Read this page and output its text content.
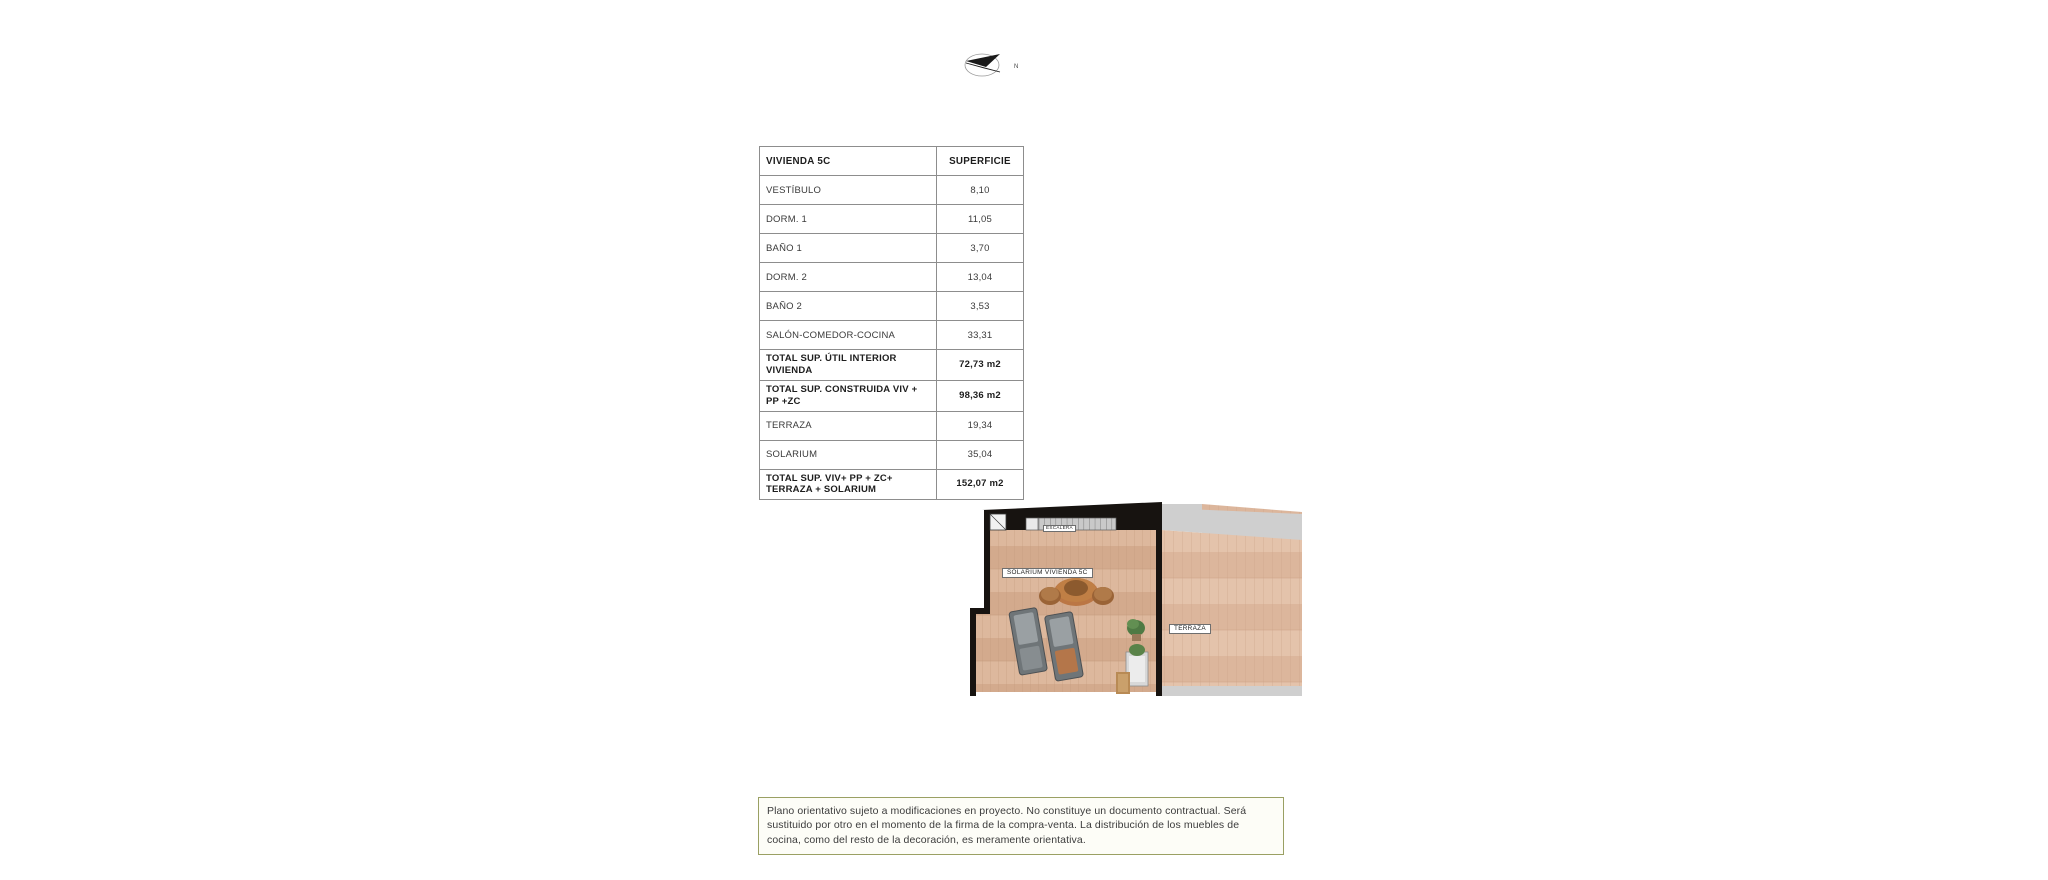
N
VIVIENDA 5C	SUPERFICIE
VESTÍBULO	8,10
DORM. 1	11,05
BAÑO 1	3,70
DORM. 2	13,04
BAÑO 2	3,53
SALÓN-COMEDOR-COCINA	33,31
TOTAL SUP. ÚTIL INTERIOR VIVIENDA	72,73 m2
TOTAL SUP. CONSTRUIDA VIV + PP +ZC	98,36 m2
TERRAZA	19,34
SOLARIUM	35,04
TOTAL SUP. VIV+ PP + ZC+ TERRAZA + SOLARIUM	152,07 m2
SOLARIUM VIVIENDA 5C
TERRAZA
ESCALERA

Plano orientativo sujeto a modificaciones en proyecto. No constituye un documento contractual. Será sustituido por otro en el momento de la firma de la compra-venta. La distribución de los muebles de cocina, como del resto de la decoración, es meramente orientativa.
